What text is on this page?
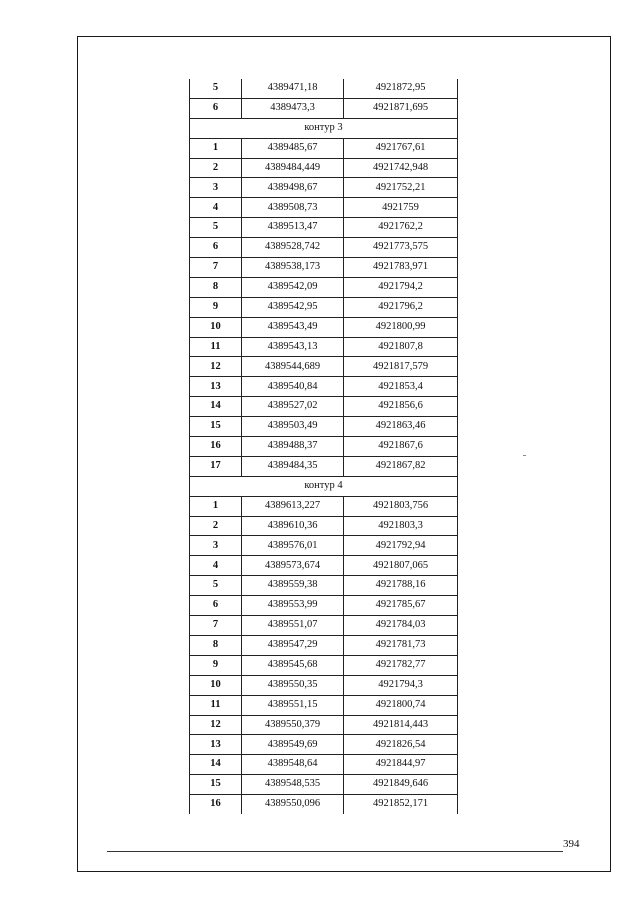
5	4389471,18	4921872,95
6	4389473,3	4921871,695
контур 3		
1	4389485,67	4921767,61
2	4389484,449	4921742,948
3	4389498,67	4921752,21
4	4389508,73	4921759
5	4389513,47	4921762,2
6	4389528,742	4921773,575
7	4389538,173	4921783,971
8	4389542,09	4921794,2
9	4389542,95	4921796,2
10	4389543,49	4921800,99
11	4389543,13	4921807,8
12	4389544,689	4921817,579
13	4389540,84	4921853,4
14	4389527,02	4921856,6
15	4389503,49	4921863,46
16	4389488,37	4921867,6
17	4389484,35	4921867,82
контур 4		
1	4389613,227	4921803,756
2	4389610,36	4921803,3
3	4389576,01	4921792,94
4	4389573,674	4921807,065
5	4389559,38	4921788,16
6	4389553,99	4921785,67
7	4389551,07	4921784,03
8	4389547,29	4921781,73
9	4389545,68	4921782,77
10	4389550,35	4921794,3
11	4389551,15	4921800,74
12	4389550,379	4921814,443
13	4389549,69	4921826,54
14	4389548,64	4921844,97
15	4389548,535	4921849,646
16	4389550,096	4921852,171
394
